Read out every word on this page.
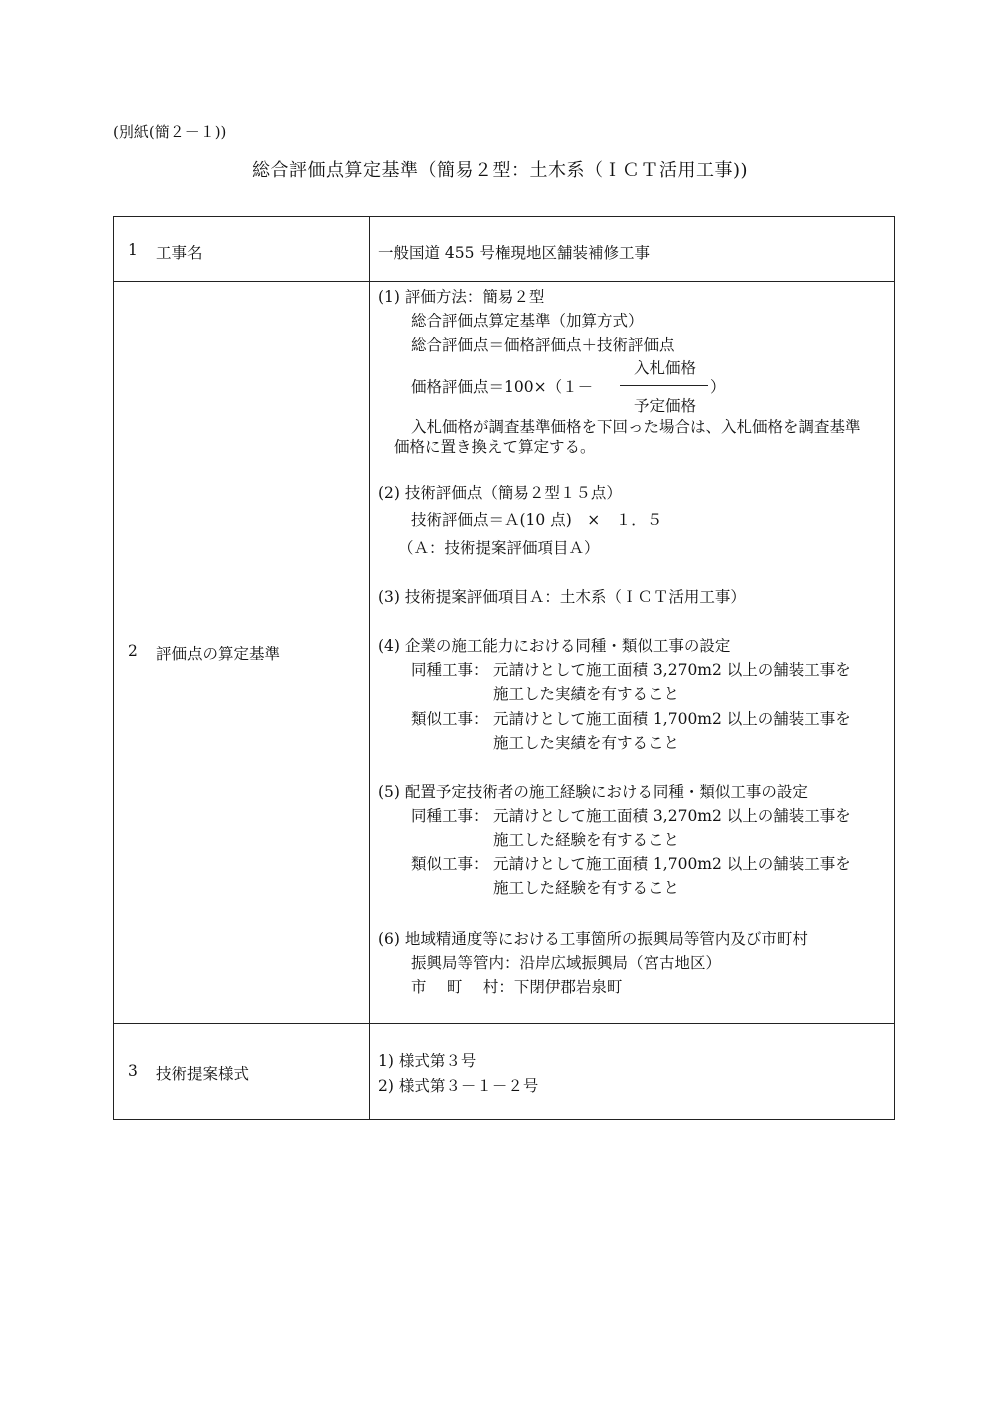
(別紙(簡２－１))
総合評価点算定基準（簡易２型：土木系（ＩＣＴ活用工事))
1	工事名	一般国道 455 号権現地区舗装補修工事
2	評価点の算定基準
(1) 評価方法：簡易２型
総合評価点算定基準（加算方式）
総合評価点＝価格評価点＋技術評価点
入札価格
価格評価点＝100×（１－	）
予定価格
入札価格が調査基準価格を下回った場合は、入札価格を調査基準
価格に置き換えて算定する。
(2) 技術評価点（簡易２型１５点）
技術評価点＝Ａ(10 点)　×　１．５
（Ａ：技術提案評価項目Ａ）
(3) 技術提案評価項目Ａ：土木系（ＩＣＴ活用工事）
(4) 企業の施工能力における同種・類似工事の設定
同種工事： 元請けとして施工面積 3,270m2 以上の舗装工事を
施工した実績を有すること
類似工事： 元請けとして施工面積 1,700m2 以上の舗装工事を
施工した実績を有すること
(5) 配置予定技術者の施工経験における同種・類似工事の設定
同種工事： 元請けとして施工面積 3,270m2 以上の舗装工事を
施工した経験を有すること
類似工事： 元請けとして施工面積 1,700m2 以上の舗装工事を
施工した経験を有すること
(6) 地域精通度等における工事箇所の振興局等管内及び市町村
振興局等管内：沿岸広域振興局（宮古地区）
市　 町　 村：下閉伊郡岩泉町
3	技術提案様式
1) 様式第３号
2) 様式第３－１－２号
